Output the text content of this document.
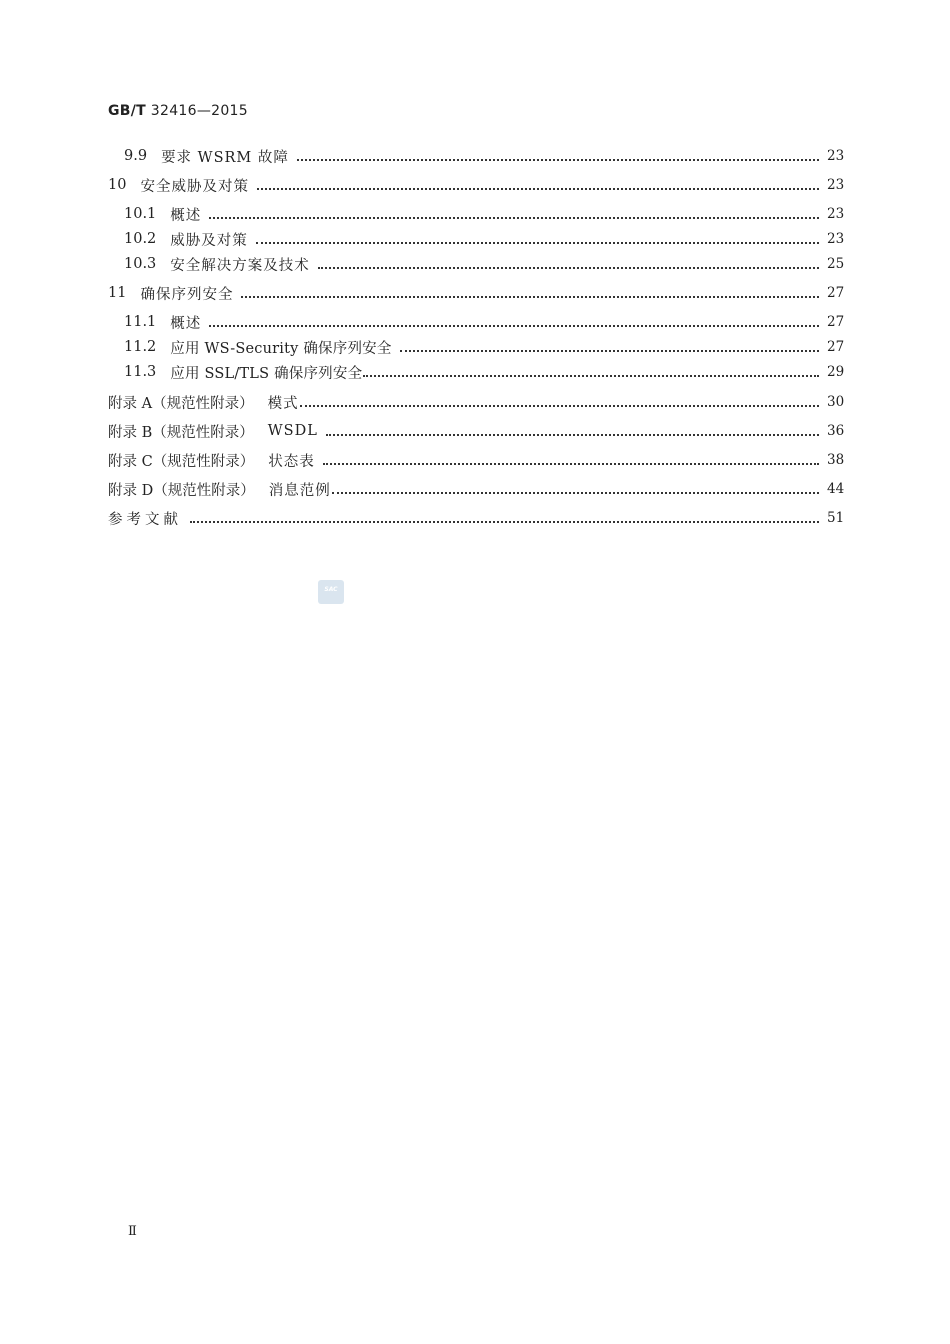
GB/T 32416—2015
9.9 要求 WSRM 故障	23
10 安全威胁及对策	23
10.1 概述	23
10.2 威胁及对策	23
10.3 安全解决方案及技术	25
11 确保序列安全	27
11.1 概述	27
11.2 应用 WS-Security 确保序列安全	27
11.3 应用 SSL/TLS 确保序列安全	29
附录 A（规范性附录） 模式	30
附录 B（规范性附录） WSDL	36
附录 C（规范性附录） 状态表	38
附录 D（规范性附录） 消息范例	44
参考文献	51
SAC
Ⅱ
